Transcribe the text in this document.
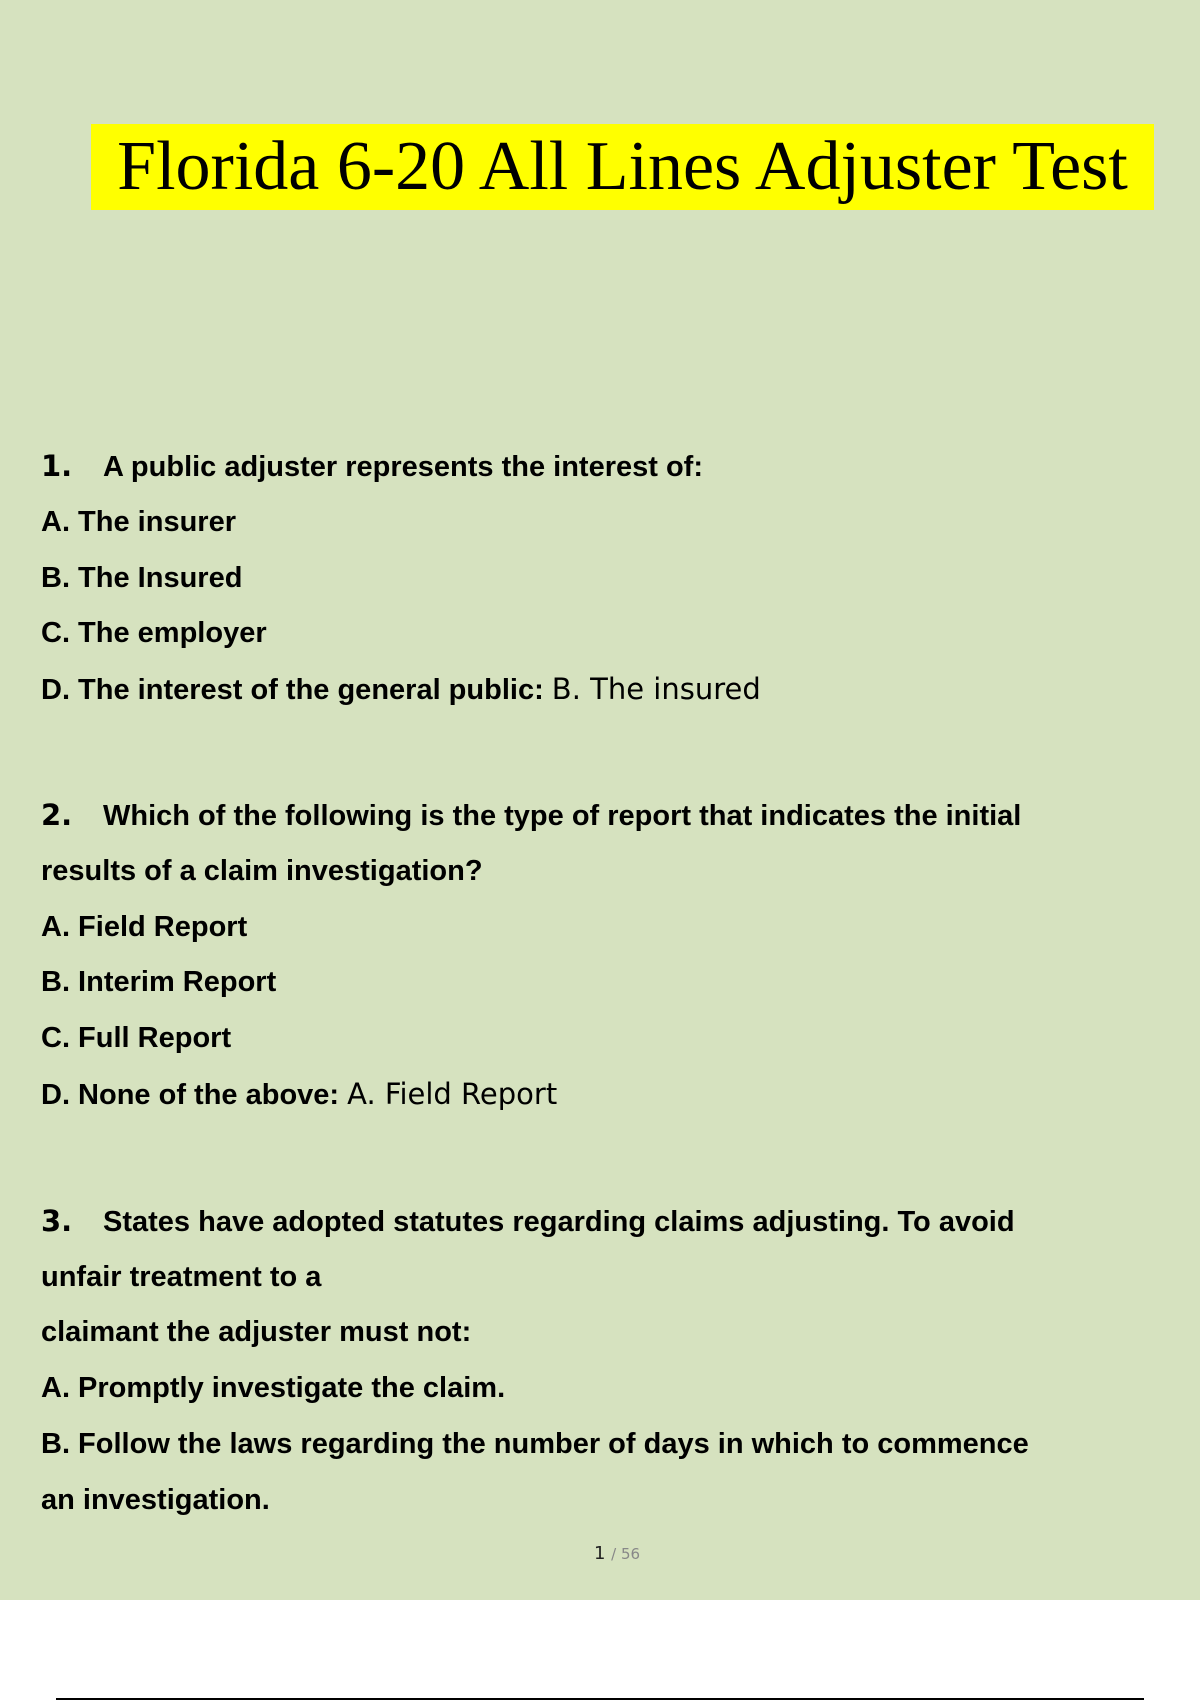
Florida 6-20 All Lines Adjuster Test
1. A public adjuster represents the interest of:
A. The insurer
B. The Insured
C. The employer
D. The interest of the general public: B. The insured
2. Which of the following is the type of report that indicates the initial
results of a claim investigation?
A. Field Report
B. Interim Report
C. Full Report
D. None of the above: A. Field Report
3. States have adopted statutes regarding claims adjusting. To avoid
unfair treatment to a
claimant the adjuster must not:
A. Promptly investigate the claim.
B. Follow the laws regarding the number of days in which to commence
an investigation.
1 / 56
